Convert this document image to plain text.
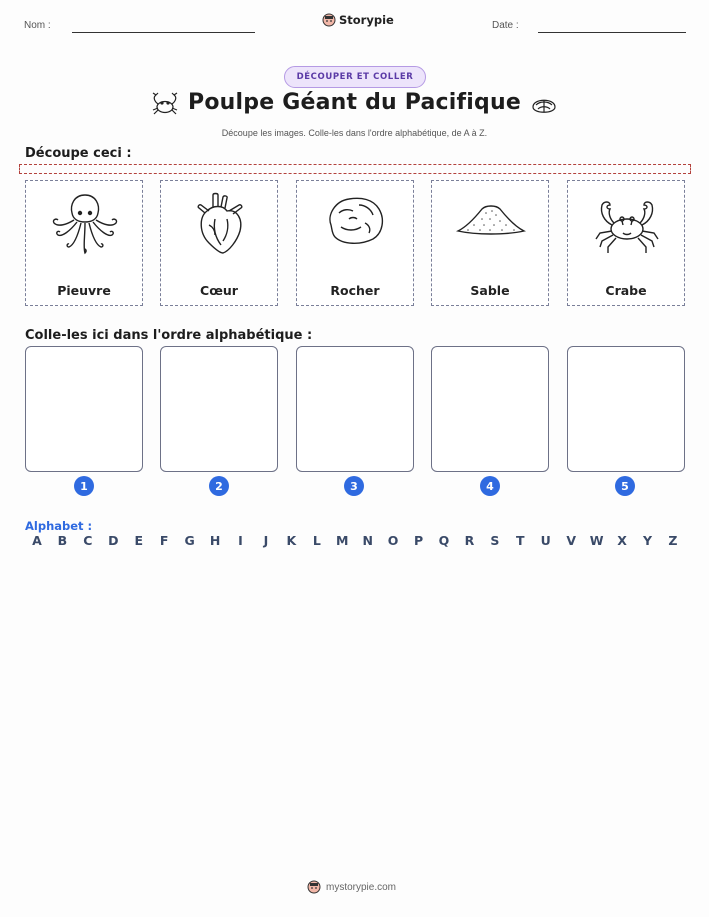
Nom :	Storypie	Date :
DÉCOUPER ET COLLER
Poulpe Géant du Pacifique
Découpe les images. Colle-les dans l'ordre alphabétique, de A à Z.
Découpe ceci :
Pieuvre	Cœur	Rocher	Sable	Crabe
Colle-les ici dans l'ordre alphabétique :
1	2	3	4	5
Alphabet :
A	B	C	D	E	F	G	H	I	J	K	L	M	N	O	P	Q	R	S	T	U	V	W	X	Y	Z
mystorypie.com
